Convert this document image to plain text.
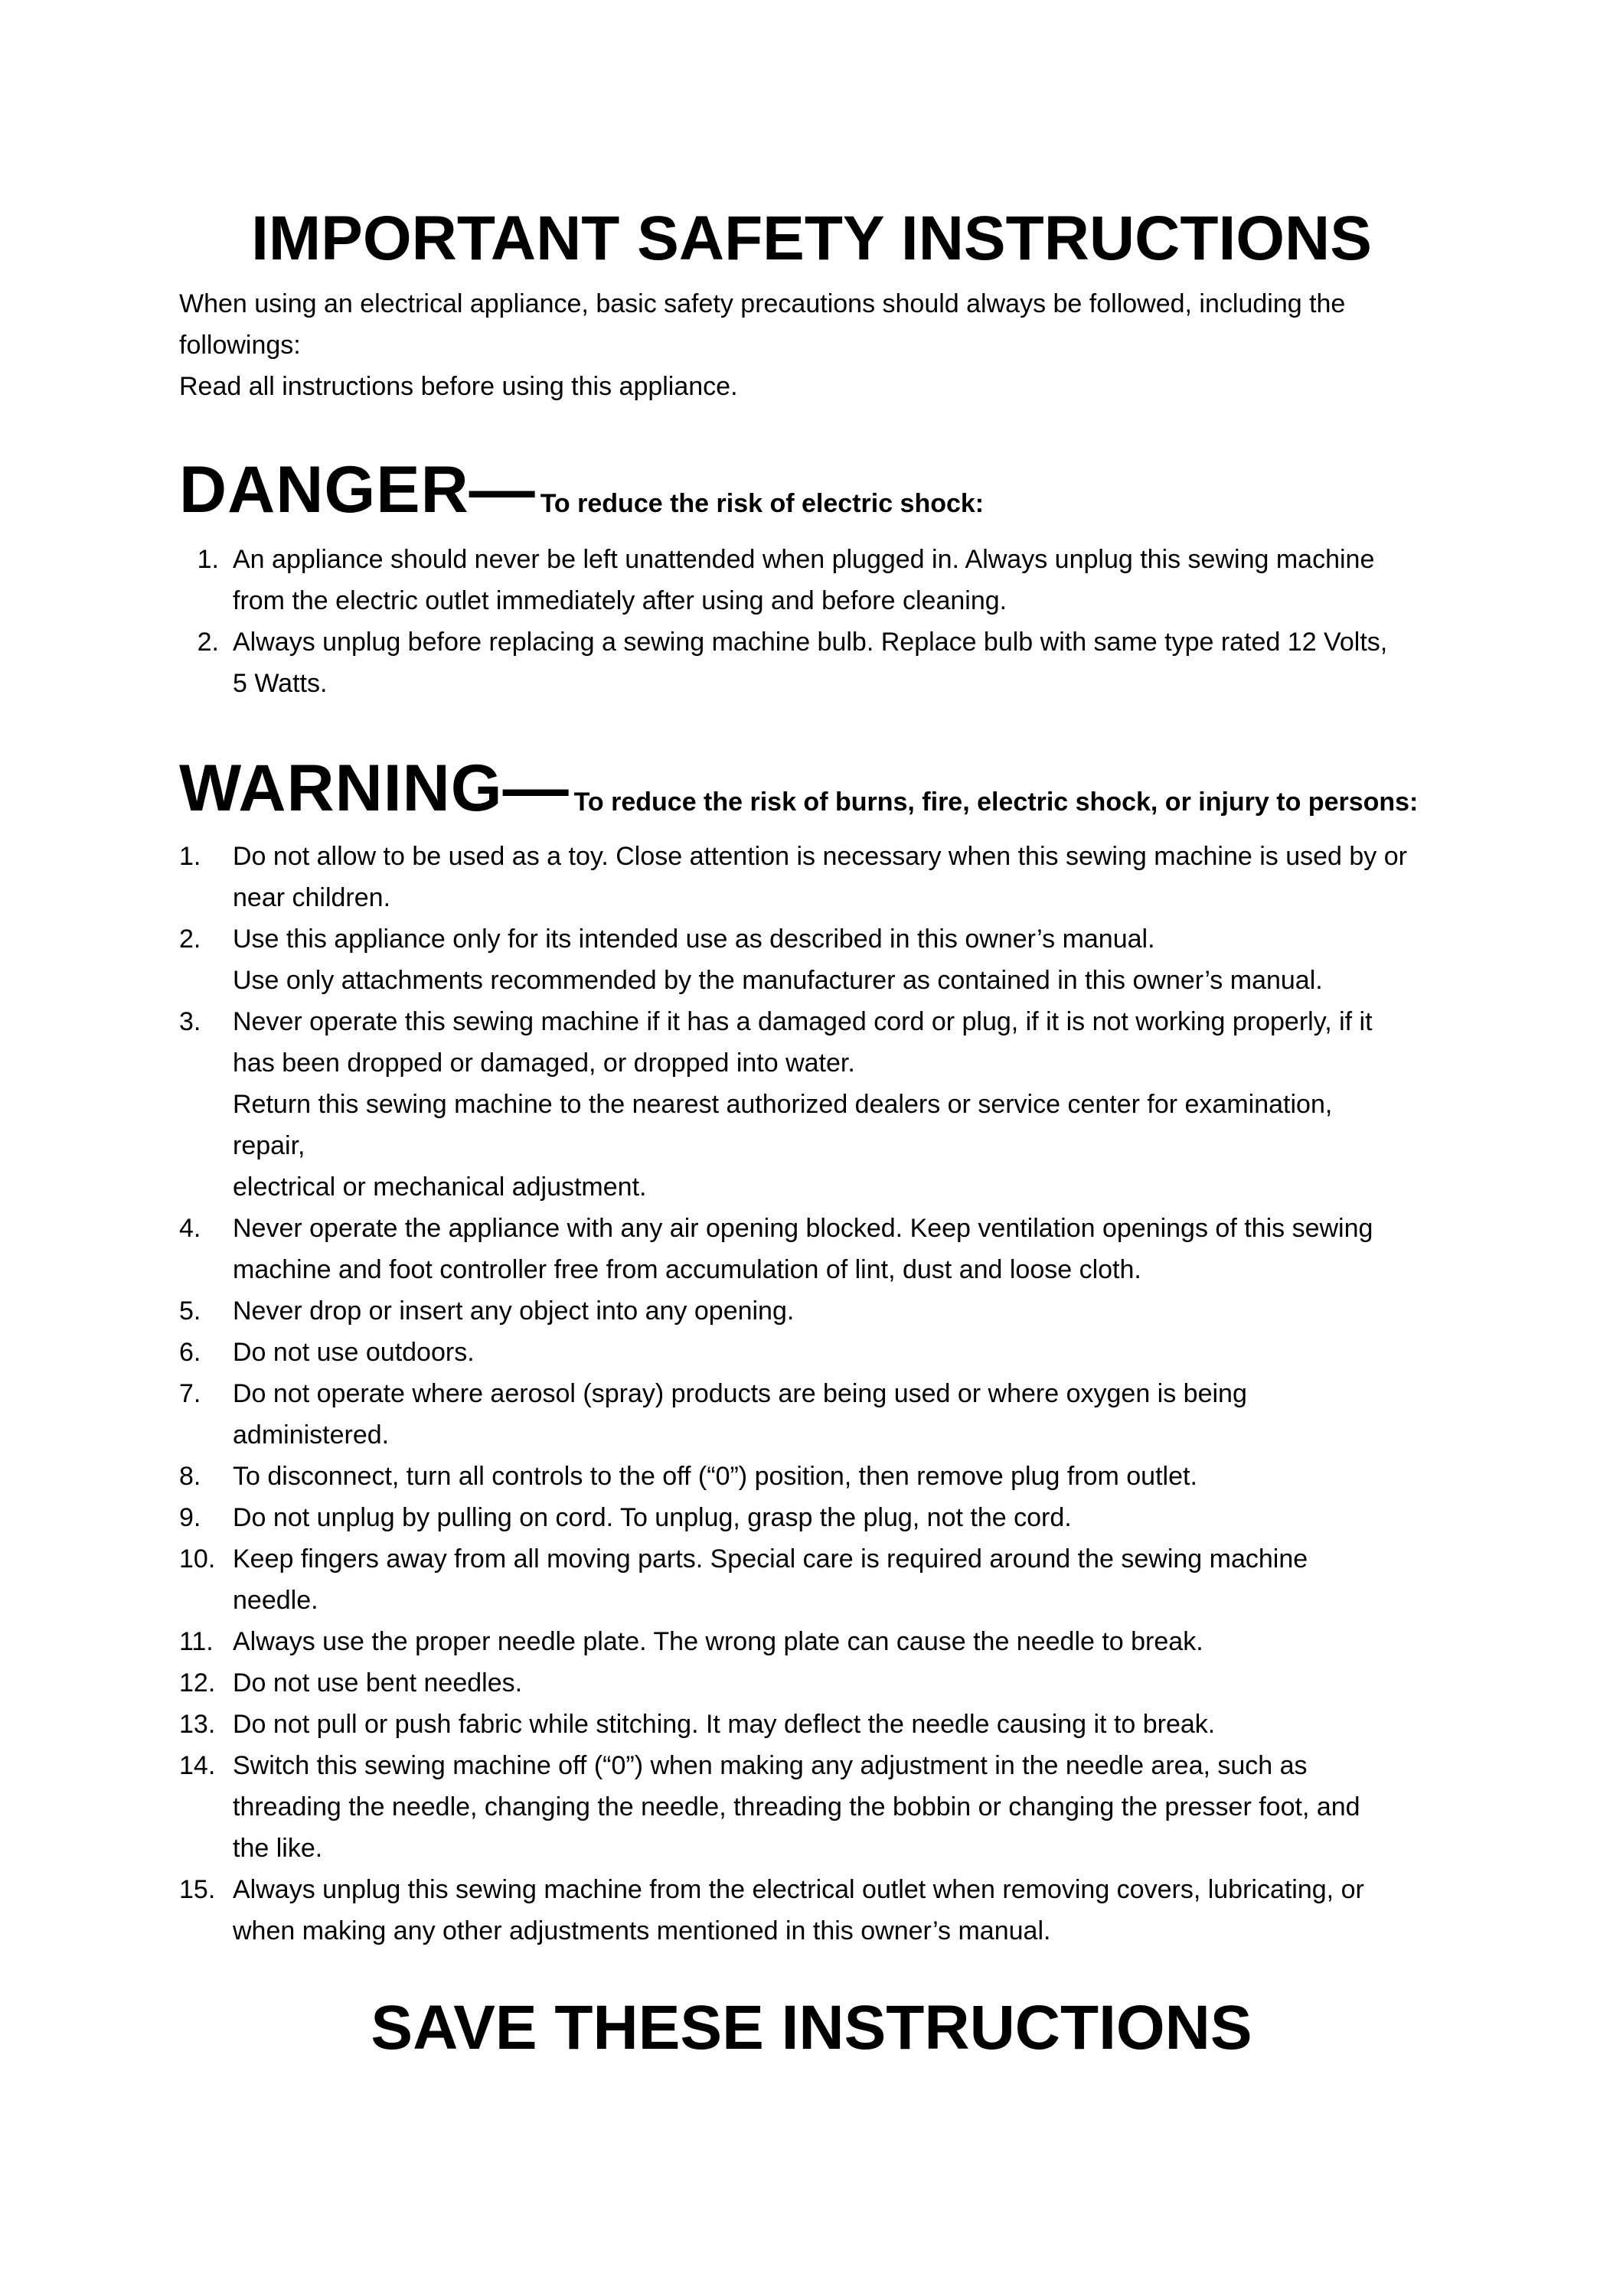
IMPORTANT SAFETY INSTRUCTIONS

When using an electrical appliance, basic safety precautions should always be followed, including the

followings:

Read all instructions before using this appliance.

DANGER— To reduce the risk of electric shock:
1. An appliance should never be left unattended when plugged in. Always unplug this sewing machine
from the electric outlet immediately after using and before cleaning.
2. Always unplug before replacing a sewing machine bulb. Replace bulb with same type rated 12 Volts,
5 Watts.
WARNING— To reduce the risk of burns, fire, electric shock, or injury to persons:
1.	Do not allow to be used as a toy. Close attention is necessary when this sewing machine is used by or
near children.
2.	Use this appliance only for its intended use as described in this owner’s manual.
Use only attachments recommended by the manufacturer as contained in this owner’s manual.
3.	Never operate this sewing machine if it has a damaged cord or plug, if it is not working properly, if it
has been dropped or damaged, or dropped into water.
Return this sewing machine to the nearest authorized dealers or service center for examination,
repair,
electrical or mechanical adjustment.
4.	Never operate the appliance with any air opening blocked. Keep ventilation openings of this sewing
machine and foot controller free from accumulation of lint, dust and loose cloth.
5.	Never drop or insert any object into any opening.
6.	Do not use outdoors.
7.	Do not operate where aerosol (spray) products are being used or where oxygen is being
administered.
8.	To disconnect, turn all controls to the off (“0”) position, then remove plug from outlet.
9.	Do not unplug by pulling on cord. To unplug, grasp the plug, not the cord.
10. Keep fingers away from all moving parts. Special care is required around the sewing machine
needle.
11. Always use the proper needle plate. The wrong plate can cause the needle to break.
12. Do not use bent needles.
13. Do not pull or push fabric while stitching. It may deflect the needle causing it to break.
14. Switch this sewing machine off (“0”) when making any adjustment in the needle area, such as
threading the needle, changing the needle, threading the bobbin or changing the presser foot, and
the like.
15. Always unplug this sewing machine from the electrical outlet when removing covers, lubricating, or
when making any other adjustments mentioned in this owner’s manual.
SAVE THESE INSTRUCTIONS
